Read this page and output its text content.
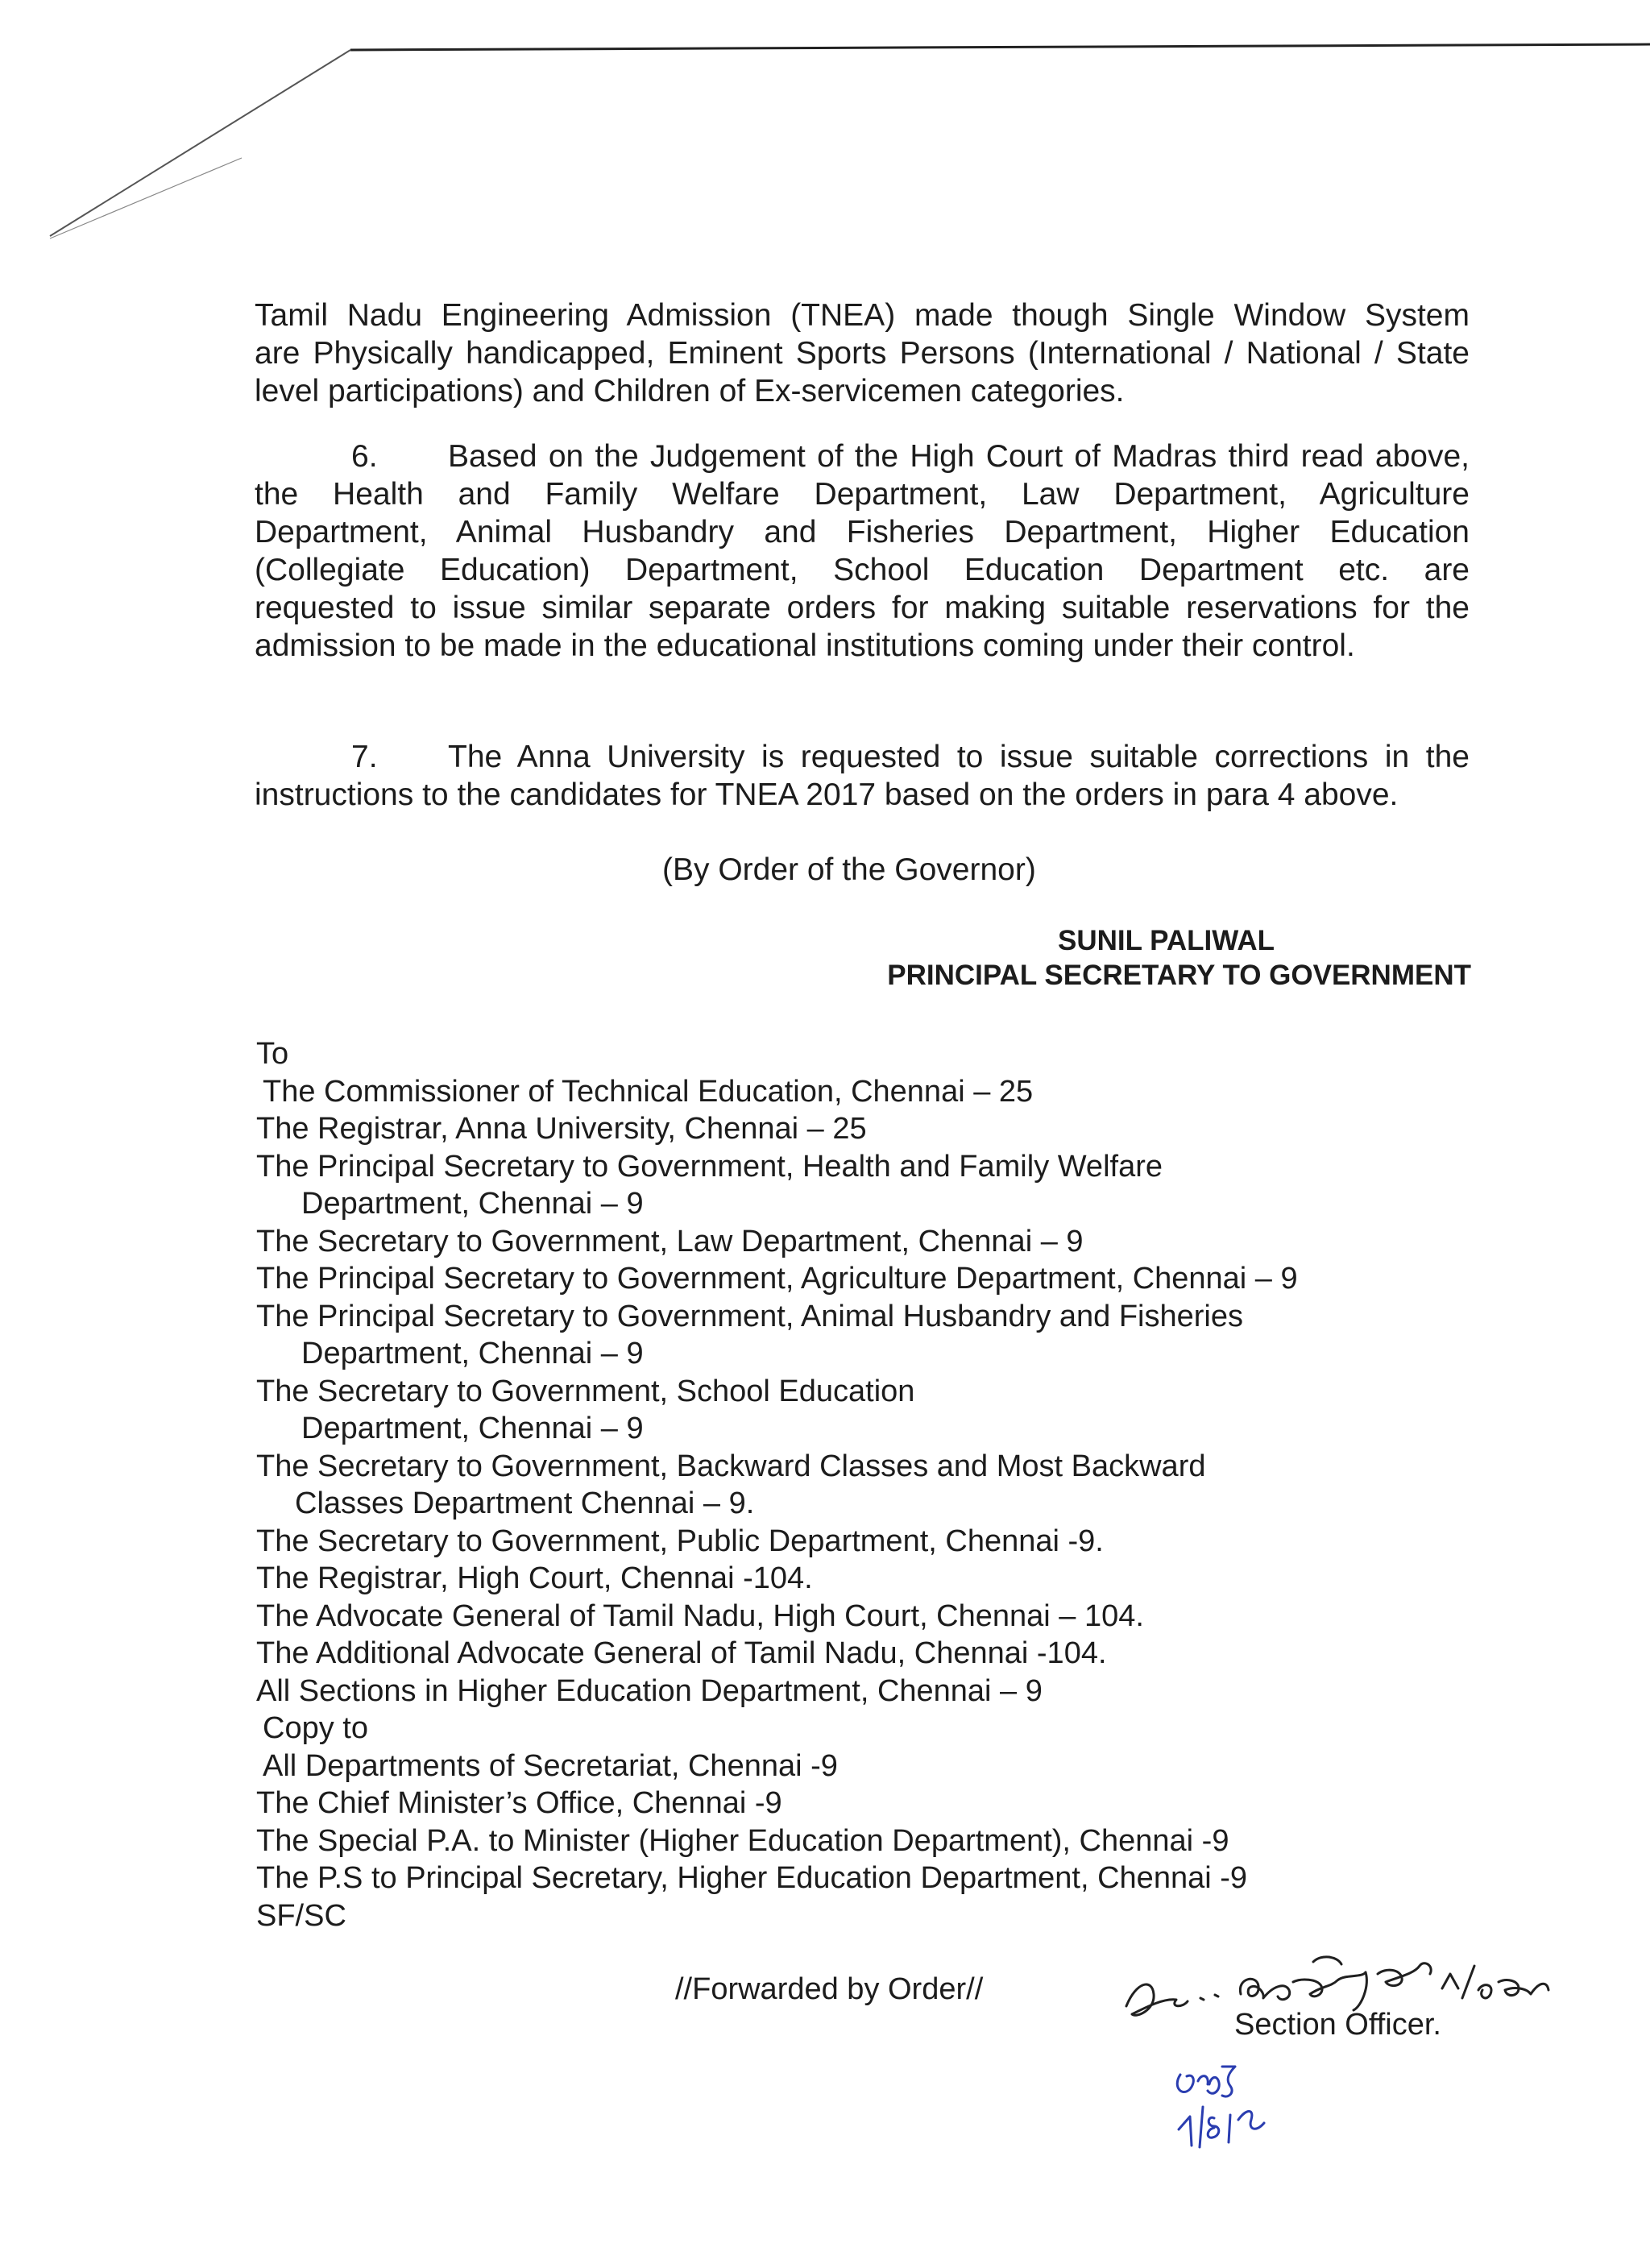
Tamil Nadu Engineering Admission (TNEA) made though Single Window System
are Physically handicapped, Eminent Sports Persons (International / National / State
level participations) and Children of Ex-servicemen categories.
6. Based on the Judgement of the High Court of Madras third read above,
the Health and Family Welfare Department, Law Department, Agriculture
Department, Animal Husbandry and Fisheries Department, Higher Education
(Collegiate Education) Department, School Education Department etc. are
requested to issue similar separate orders for making suitable reservations for the
admission to be made in the educational institutions coming under their control.
7. The Anna University is requested to issue suitable corrections in the
instructions to the candidates for TNEA 2017 based on the orders in para 4 above.
(By Order of the Governor)
SUNIL PALIWAL
PRINCIPAL SECRETARY TO GOVERNMENT
To
The Commissioner of Technical Education, Chennai – 25
The Registrar, Anna University, Chennai – 25
The Principal Secretary to Government, Health and Family Welfare
Department, Chennai – 9
The Secretary to Government, Law Department, Chennai – 9
The Principal Secretary to Government, Agriculture Department, Chennai – 9
The Principal Secretary to Government, Animal Husbandry and Fisheries
Department, Chennai – 9
The Secretary to Government, School Education
Department, Chennai – 9
The Secretary to Government, Backward Classes and Most Backward
Classes Department Chennai – 9.
The Secretary to Government, Public Department, Chennai -9.
The Registrar, High Court, Chennai -104.
The Advocate General of Tamil Nadu, High Court, Chennai – 104.
The Additional Advocate General of Tamil Nadu, Chennai -104.
All Sections in Higher Education Department, Chennai – 9
Copy to
All Departments of Secretariat, Chennai -9
The Chief Minister’s Office, Chennai -9
The Special P.A. to Minister (Higher Education Department), Chennai -9
The P.S to Principal Secretary, Higher Education Department, Chennai -9
SF/SC
//Forwarded by Order//
Section Officer.
